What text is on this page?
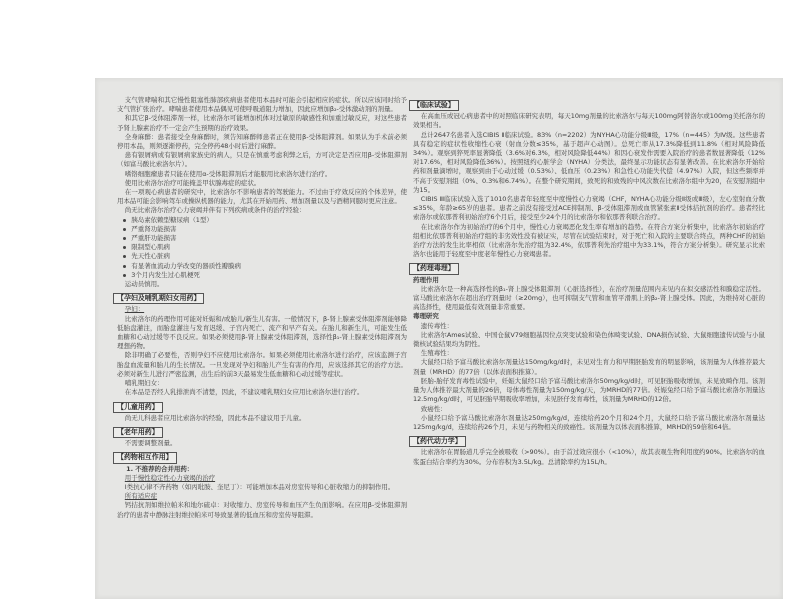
支气管哮喘和其它慢性阻塞性肺部疾病患者使用本品时可能会引起相应的症状。所以应该同时给予支气管扩张治疗。哮喘患者使用本品偶见可使呼吸道阻力增加，因此应增加β₂-受体激动剂的剂量。

和其它β-受体阻滞剂一样，比索洛尔可能增加机体对过敏原的敏感性和加重过敏反应，对这些患者予肾上腺素治疗不一定会产生预期的治疗效果。

全身麻醉：患者接受全身麻醉时，须告知麻醉师患者正在使用β-受体阻滞剂。如果认为手术前必须停用本品，则须逐渐停药，完全停药48小时后进行麻醉。

患有银屑病或有银屑病家族史的病人，只是在慎重考虑利弊之后，方可决定是否应用β-受体阻滞剂（如富马酸比索洛尔片）。

嗜铬细胞瘤患者只能在使用α-受体阻滞剂后才能服用比索洛尔进行治疗。

使用比索洛尔治疗可能掩盖甲状腺毒症的症状。

在一项观心病患者的研究中，比索洛尔不影响患者的驾驶能力。不过由于疗效反应的个体差异，使用本品可能会影响驾车或操纵机器的能力，尤其在开始用药、增加剂量以及与酒精同服时更应注意。

尚无比索洛尔治疗心力衰竭并伴有下列疾病或条件的治疗经验：

胰岛素依赖型糖尿病（1型）
严重肾功能损害
严重肝功能损害
限制型心肌病
先天性心脏病
有显著血流动力学改变的器质性瓣膜病
3个月内发生过心肌梗死

运动员慎用。

【孕妇及哺乳期妇女用药】

孕妇：

比索洛尔的药理作用可能对妊娠和/或胎儿/新生儿有害。一般情况下，β-肾上腺素受体阻滞剂能够降低胎盘灌注，而胎盘灌注与发育迟缓、子宫内死亡、流产和早产有关。在胎儿和新生儿，可能发生低血糖和心动过缓等不良反应。如果必须使用β-肾上腺素受体阻滞剂，选择性β₁-肾上腺素受体阻滞剂为理想药物。

除非明确了必要性，否则孕妇不应使用比索洛尔。如果必须使用比索洛尔进行治疗，应该监测子宫胎盘血流量和胎儿的生长情况。一旦发现对孕妇和胎儿产生有害的作用，应该选择其它的治疗方法。必须对新生儿进行严密监测，出生后的前3天最易发生低血糖和心动过缓等症状。

哺乳期妇女：

在本品是否经人乳排泄尚不清楚，因此，不建议哺乳期妇女应用比索洛尔进行治疗。

【儿童用药】

尚无儿科患者应用比索洛尔的经验，因此本品不建议用于儿童。

【老年用药】

不需要调整剂量。

【药物相互作用】

1. 不推荐的合并用药：

用于慢性稳定性心力衰竭的治疗

Ⅰ类抗心律不齐药物（如丙吡胺、奎尼丁）：可能增加本品对房室传导和心脏收缩力的抑制作用。

所有适应症

钙拮抗剂如维拉帕米和地尔硫卓：对收缩力、房室传导和血压产生负面影响。在应用β-受体阻滞剂治疗的患者中静脉注射维拉帕米可导致显著的低血压和房室传导阻滞。

【临床试验】

在高血压或冠心病患者中的对照临床研究表明，每天10mg剂量的比索洛尔与每天100mg阿替洛尔或100mg美托洛尔的效果相当。

总计2647名患者入选CIBIS Ⅱ临床试验。83%（n=2202）为NYHA心功能分级Ⅲ级，17%（n=445）为Ⅳ级。这些患者具有稳定的症状性收缩性心衰（射血分数≤35%，基于超声心动图）。总死亡率从17.3%降低到11.8%（相对风险降低34%）。观察到猝死率显著降低（3.6%对6.3%，相对风险降低44%）和因心衰发作需要入院治疗的患者数显著降低（12%对17.6%，相对风险降低36%）。按照纽约心脏学会（NYHA）分类法，最终显示功能状态有显著改善。在比索洛尔开始给药和剂量滴增时，观察到由于心动过缓（0.53%）、低血压（0.23%）和急性心功能失代偿（4.97%）入院，但这些频率并不高于安慰剂组（0%、0.3%和6.74%）。在整个研究期间，致死的和致残的中风次数在比索洛尔组中为20，在安慰剂组中为15。

CIBIS Ⅲ临床试验入选了1010名患者年轻度至中度慢性心力衰竭（CHF，NYHA心功能分级Ⅱ级或Ⅲ级），左心室射血分数≤35%，年龄≥65岁的患者。患者之前没有接受过ACE抑制剂、β-受体阻滞剂或血管紧张素Ⅱ受体拮抗剂的治疗。患者经比索洛尔或依那普利初始治疗6个月后，接受至少24个月的比索洛尔和依那普利联合治疗。

在比索洛尔作为初始治疗的6个月中，慢性心力衰竭恶化发生率有增加的趋势。在符合方案分析集中，比索洛尔初始治疗组相比依那普利初始治疗组的非劣效性没有被证实，尽管在试验结束时，对于死亡和入院的主要联合终点，两种CHF的初始治疗方法的发生比率相似（比索洛尔先治疗组为32.4%，依那普利先治疗组中为33.1%，符合方案分析集）。研究显示比索洛尔也能用于轻度至中度老年慢性心力衰竭患者。

【药理毒理】

药理作用

比索洛尔是一种高选择性的β₁-肾上腺受体阻滞剂（心脏选择性），在治疗剂量范围内未见内在拟交感活性和膜稳定活性。富马酸比索洛尔在超出治疗剂量时（≥20mg），也可抑制支气管和血管平滑肌上的β₂-肾上腺受体。因此，为维持对心脏的高选择性，使用最低有效剂量非常重要。

毒理研究

遗传毒性：

比索洛尔Ames试验、中国仓鼠V79细胞基因位点突变试验和染色体畸变试验、DNA损伤试验、大鼠细胞遗传试验与小鼠微核试验结果均为阴性。

生殖毒性：

大鼠经口给予富马酸比索洛尔剂量达150mg/kg/d时，未见对生育力和早期胚胎发育的明显影响，该剂量为人体推荐最大剂量（MRHD）的77倍（以体表面积推算）。

胚胎-胎仔发育毒性试验中，妊娠大鼠经口给予富马酸比索洛尔50mg/kg/d时，可见胚胎吸收增加，未见致畸作用。该剂量为人体推荐最大剂量的26倍，母体毒性剂量为150mg/kg/天，为MRHD的77倍。妊娠兔经口给予富马酸比索洛尔剂量达12.5mg/kg/d时，可见胚胎早期吸收率增加，未见胚仔发育毒性，该剂量为MRHD的12倍。

致癌性：

小鼠经口给予富马酸比索洛尔剂量达250mg/kg/d，连续给药20个月和24个月，大鼠经口给予富马酸比索洛尔剂量达125mg/kg/d，连续给药26个月，未见与药物相关的致癌性。该剂量为以体表面积推算，MRHD的59倍和64倍。

【药代动力学】

比索洛尔在胃肠道几乎完全被吸收（>90%）。由于首过效应很小（<10%），故其表观生物利用度约90%。比索洛尔的血浆蛋白结合率约为30%。分布容积为3.5L/kg。总清除率约为15L/h。
